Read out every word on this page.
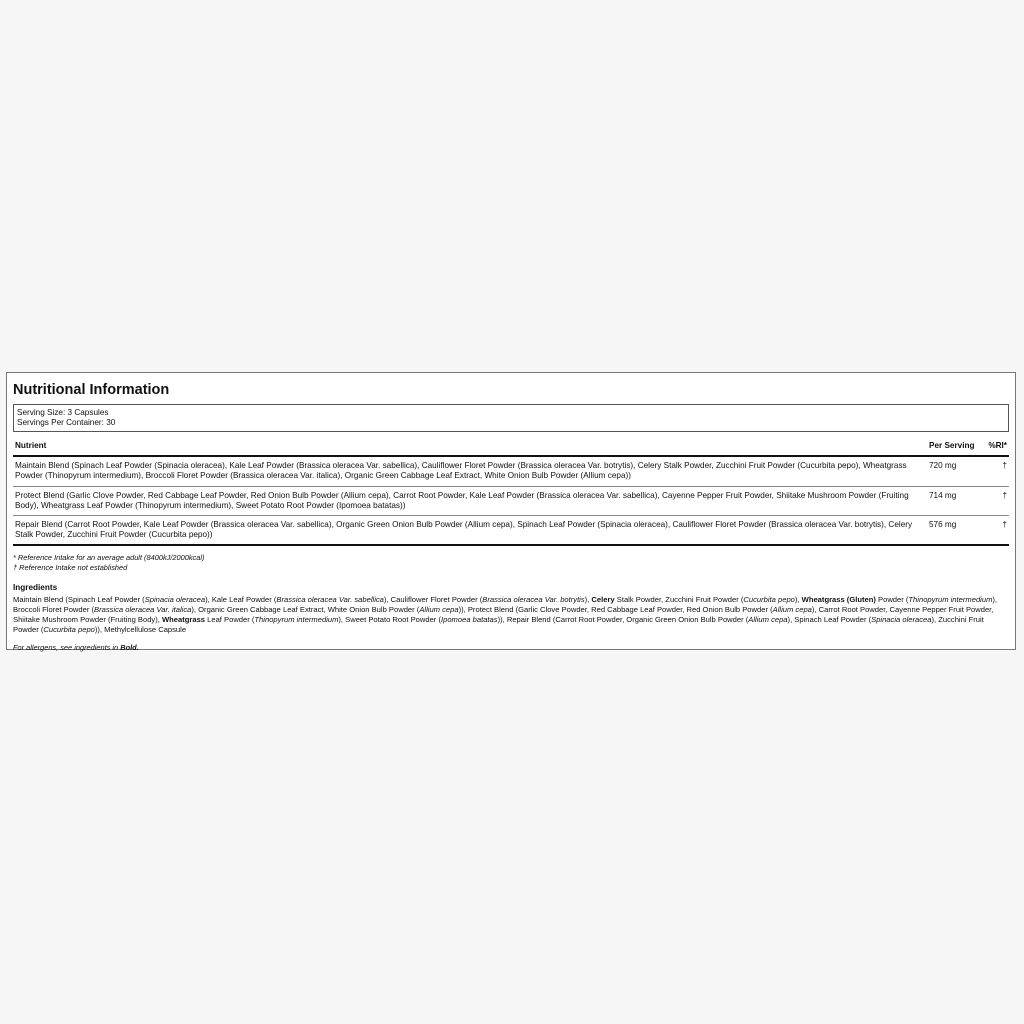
Nutritional Information
Serving Size: 3 Capsules
Servings Per Container: 30
Nutrient	Per Serving	%RI*
Maintain Blend (Spinach Leaf Powder (Spinacia oleracea), Kale Leaf Powder (Brassica oleracea Var. sabellica), Cauliflower Floret Powder (Brassica oleracea Var. botrytis), Celery Stalk Powder, Zucchini Fruit Powder (Cucurbita pepo), Wheatgrass Powder (Thinopyrum intermedium), Broccoli Floret Powder (Brassica oleracea Var. italica), Organic Green Cabbage Leaf Extract, White Onion Bulb Powder (Allium cepa))	720 mg	†
Protect Blend (Garlic Clove Powder, Red Cabbage Leaf Powder, Red Onion Bulb Powder (Allium cepa), Carrot Root Powder, Kale Leaf Powder (Brassica oleracea Var. sabellica), Cayenne Pepper Fruit Powder, Shiitake Mushroom Powder (Fruiting Body), Wheatgrass Leaf Powder (Thinopyrum intermedium), Sweet Potato Root Powder (Ipomoea batatas))	714 mg	†
Repair Blend (Carrot Root Powder, Kale Leaf Powder (Brassica oleracea Var. sabellica), Organic Green Onion Bulb Powder (Allium cepa), Spinach Leaf Powder (Spinacia oleracea), Cauliflower Floret Powder (Brassica oleracea Var. botrytis), Celery Stalk Powder, Zucchini Fruit Powder (Cucurbita pepo))	576 mg	†
* Reference Intake for an average adult (8400kJ/2000kcal)
† Reference Intake not established
Ingredients
Maintain Blend (Spinach Leaf Powder (Spinacia oleracea), Kale Leaf Powder (Brassica oleracea Var. sabellica), Cauliflower Floret Powder (Brassica oleracea Var. botrytis), Celery Stalk Powder, Zucchini Fruit Powder (Cucurbita pepo), Wheatgrass (Gluten) Powder (Thinopyrum intermedium), Broccoli Floret Powder (Brassica oleracea Var. italica), Organic Green Cabbage Leaf Extract, White Onion Bulb Powder (Allium cepa)), Protect Blend (Garlic Clove Powder, Red Cabbage Leaf Powder, Red Onion Bulb Powder (Allium cepa), Carrot Root Powder, Cayenne Pepper Fruit Powder, Shiitake Mushroom Powder (Fruiting Body), Wheatgrass Leaf Powder (Thinopyrum intermedium), Sweet Potato Root Powder (Ipomoea batatas)), Repair Blend (Carrot Root Powder, Organic Green Onion Bulb Powder (Allium cepa), Spinach Leaf Powder (Spinacia oleracea), Zucchini Fruit Powder (Cucurbita pepo)), Methylcellulose Capsule
For allergens, see ingredients in Bold.
